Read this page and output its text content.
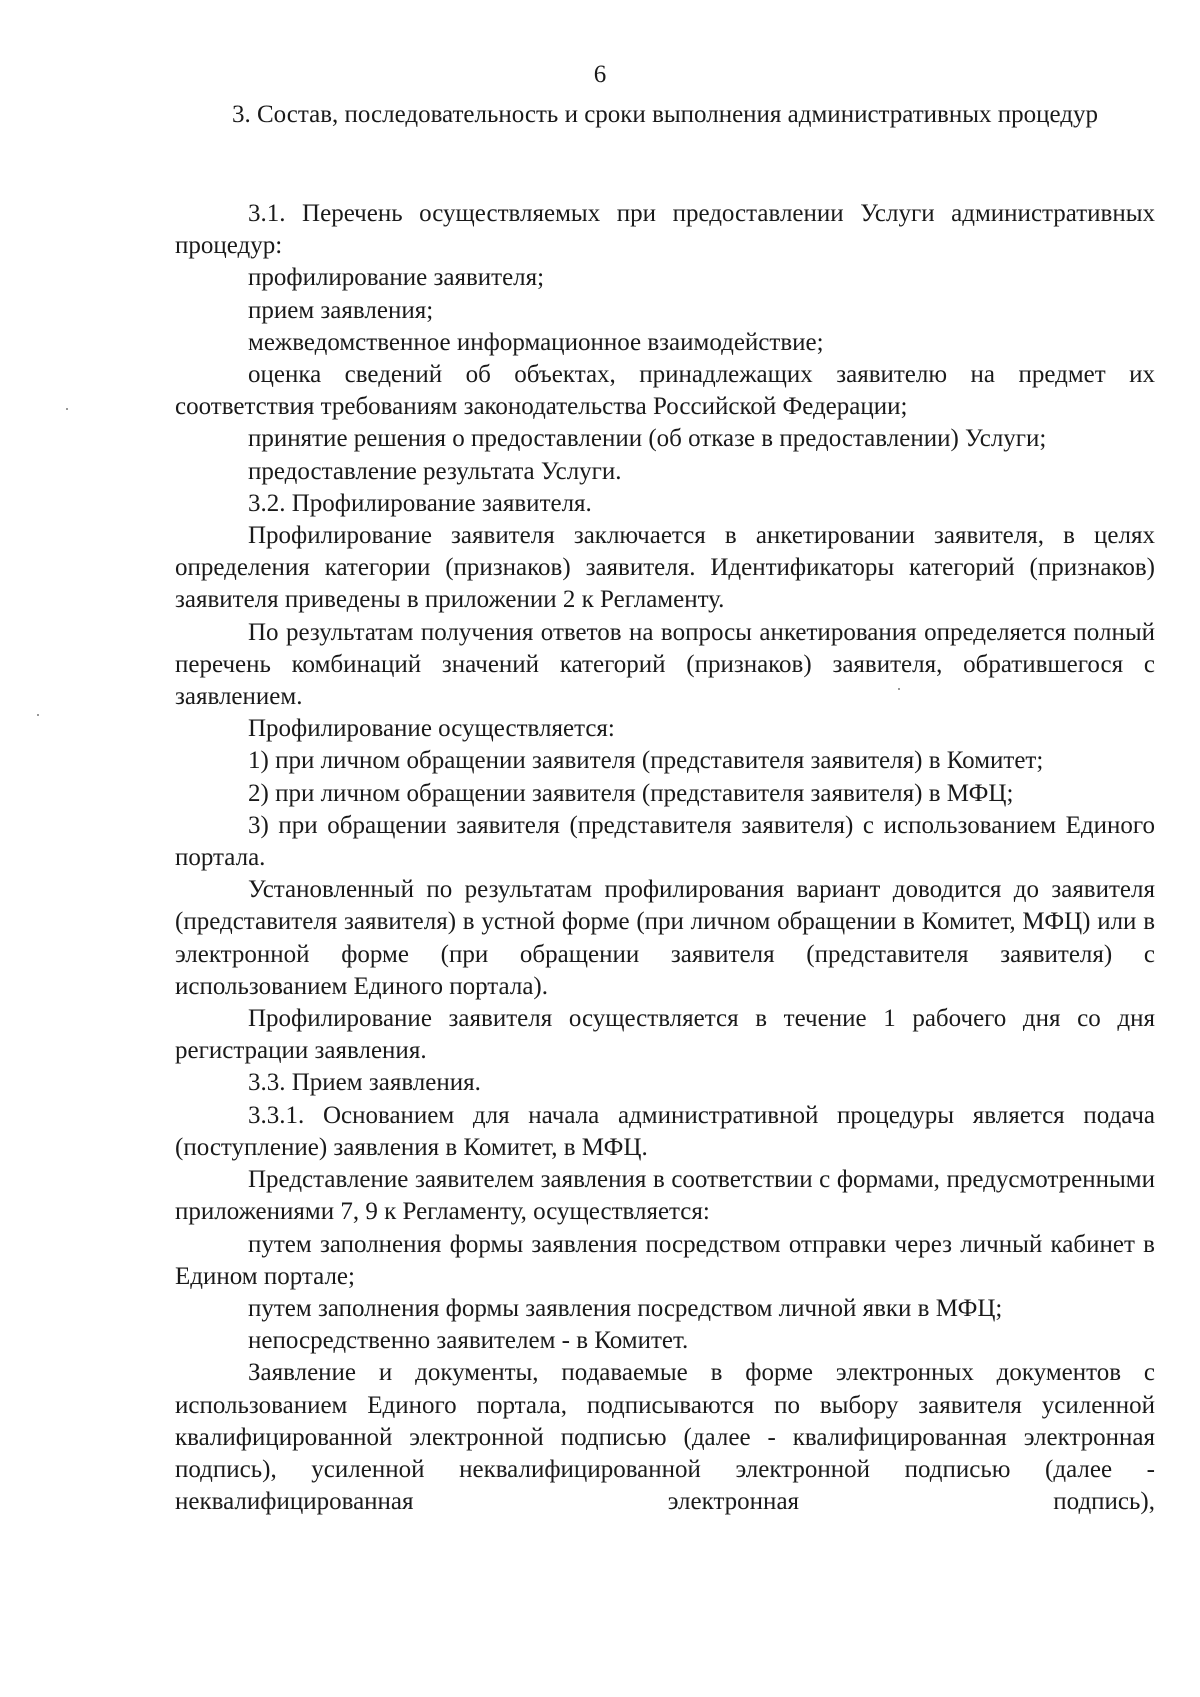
6
3. Состав, последовательность и сроки выполнения административных процедур

3.1. Перечень осуществляемых при предоставлении Услуги административных процедур:

профилирование заявителя;

прием заявления;

межведомственное информационное взаимодействие;

оценка сведений об объектах, принадлежащих заявителю на предмет их соответствия требованиям законодательства Российской Федерации;

принятие решения о предоставлении (об отказе в предоставлении) Услуги;

предоставление результата Услуги.

3.2. Профилирование заявителя.

Профилирование заявителя заключается в анкетировании заявителя, в целях определения категории (признаков) заявителя. Идентификаторы категорий (признаков) заявителя приведены в приложении 2 к Регламенту.

По результатам получения ответов на вопросы анкетирования определяется полный перечень комбинаций значений категорий (признаков) заявителя, обратившегося с заявлением.

Профилирование осуществляется:

1) при личном обращении заявителя (представителя заявителя) в Комитет;

2) при личном обращении заявителя (представителя заявителя) в МФЦ;

3) при обращении заявителя (представителя заявителя) с использованием Единого портала.

Установленный по результатам профилирования вариант доводится до заявителя (представителя заявителя) в устной форме (при личном обращении в Комитет, МФЦ) или в электронной форме (при обращении заявителя (представителя заявителя) с использованием Единого портала).

Профилирование заявителя осуществляется в течение 1 рабочего дня со дня регистрации заявления.

3.3. Прием заявления.

3.3.1. Основанием для начала административной процедуры является подача (поступление) заявления в Комитет, в МФЦ.

Представление заявителем заявления в соответствии с формами, предусмотренными приложениями 7, 9 к Регламенту, осуществляется:

путем заполнения формы заявления посредством отправки через личный кабинет в Едином портале;

путем заполнения формы заявления посредством личной явки в МФЦ;

непосредственно заявителем - в Комитет.

Заявление и документы, подаваемые в форме электронных документов с использованием Единого портала, подписываются по выбору заявителя усиленной квалифицированной электронной подписью (далее - квалифицированная электронная подпись), усиленной неквалифицированной электронной подписью (далее - неквалифицированная электронная подпись),
